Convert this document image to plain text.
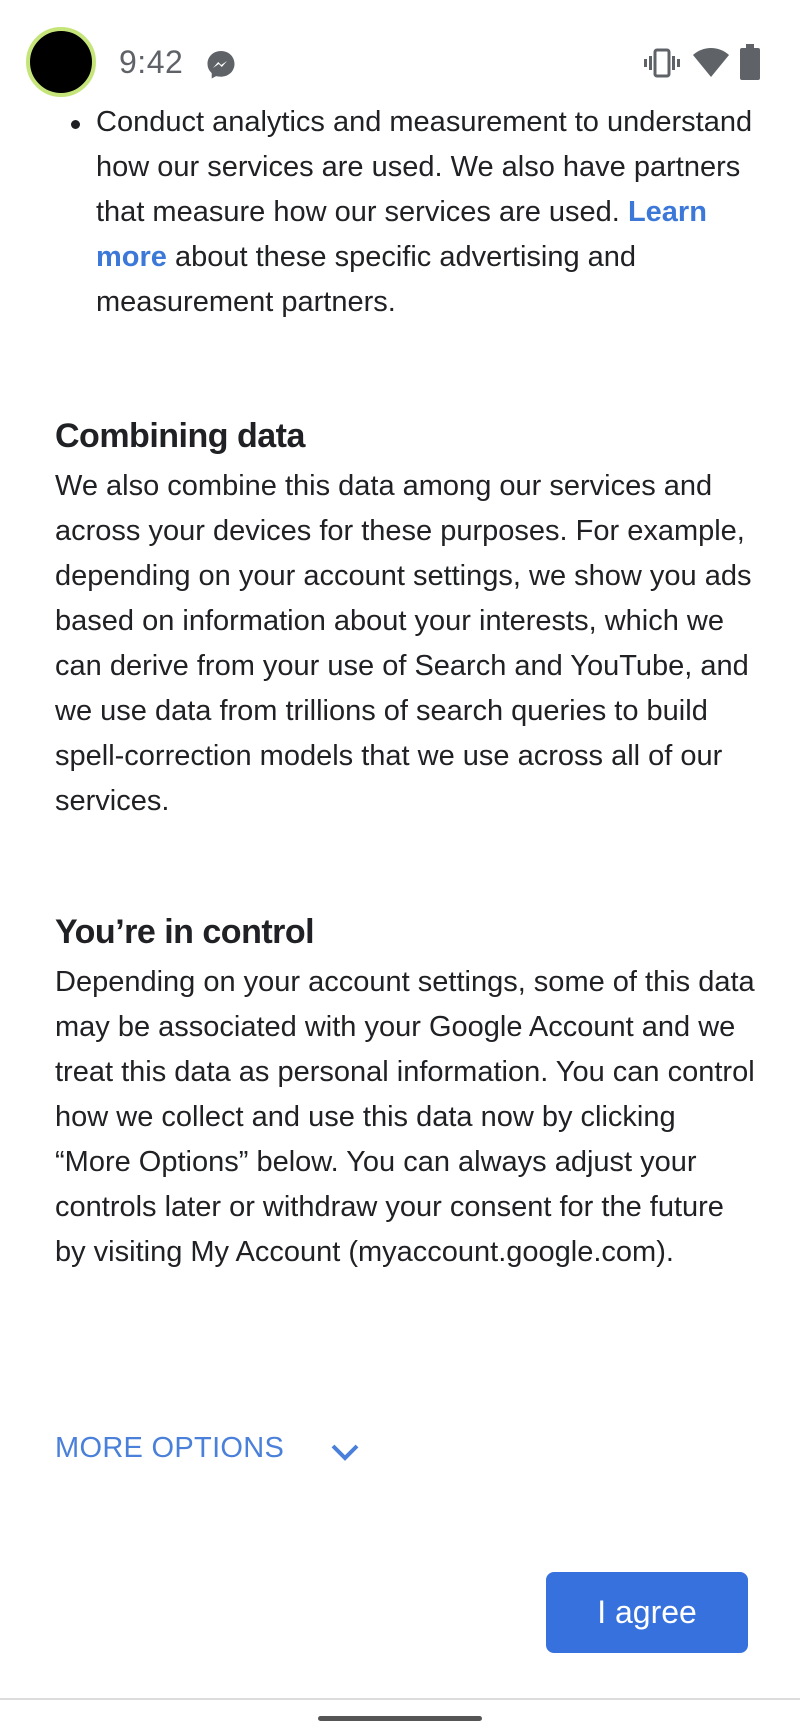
9:42
Conduct analytics and measurement to understand how our services are used. We also have partners that measure how our services are used. Learn more about these specific advertising and measurement partners.
Combining data

We also combine this data among our services and across your devices for these purposes. For example, depending on your account settings, we show you ads based on information about your interests, which we can derive from your use of Search and YouTube, and we use data from trillions of search queries to build spell-correction models that we use across all of our services.

You’re in control

Depending on your account settings, some of this data may be associated with your Google Account and we treat this data as personal information. You can control how we collect and use this data now by clicking “More Options” below. You can always adjust your controls later or withdraw your consent for the future by visiting My Account (myaccount.google.com).

MORE OPTIONS
I agree
